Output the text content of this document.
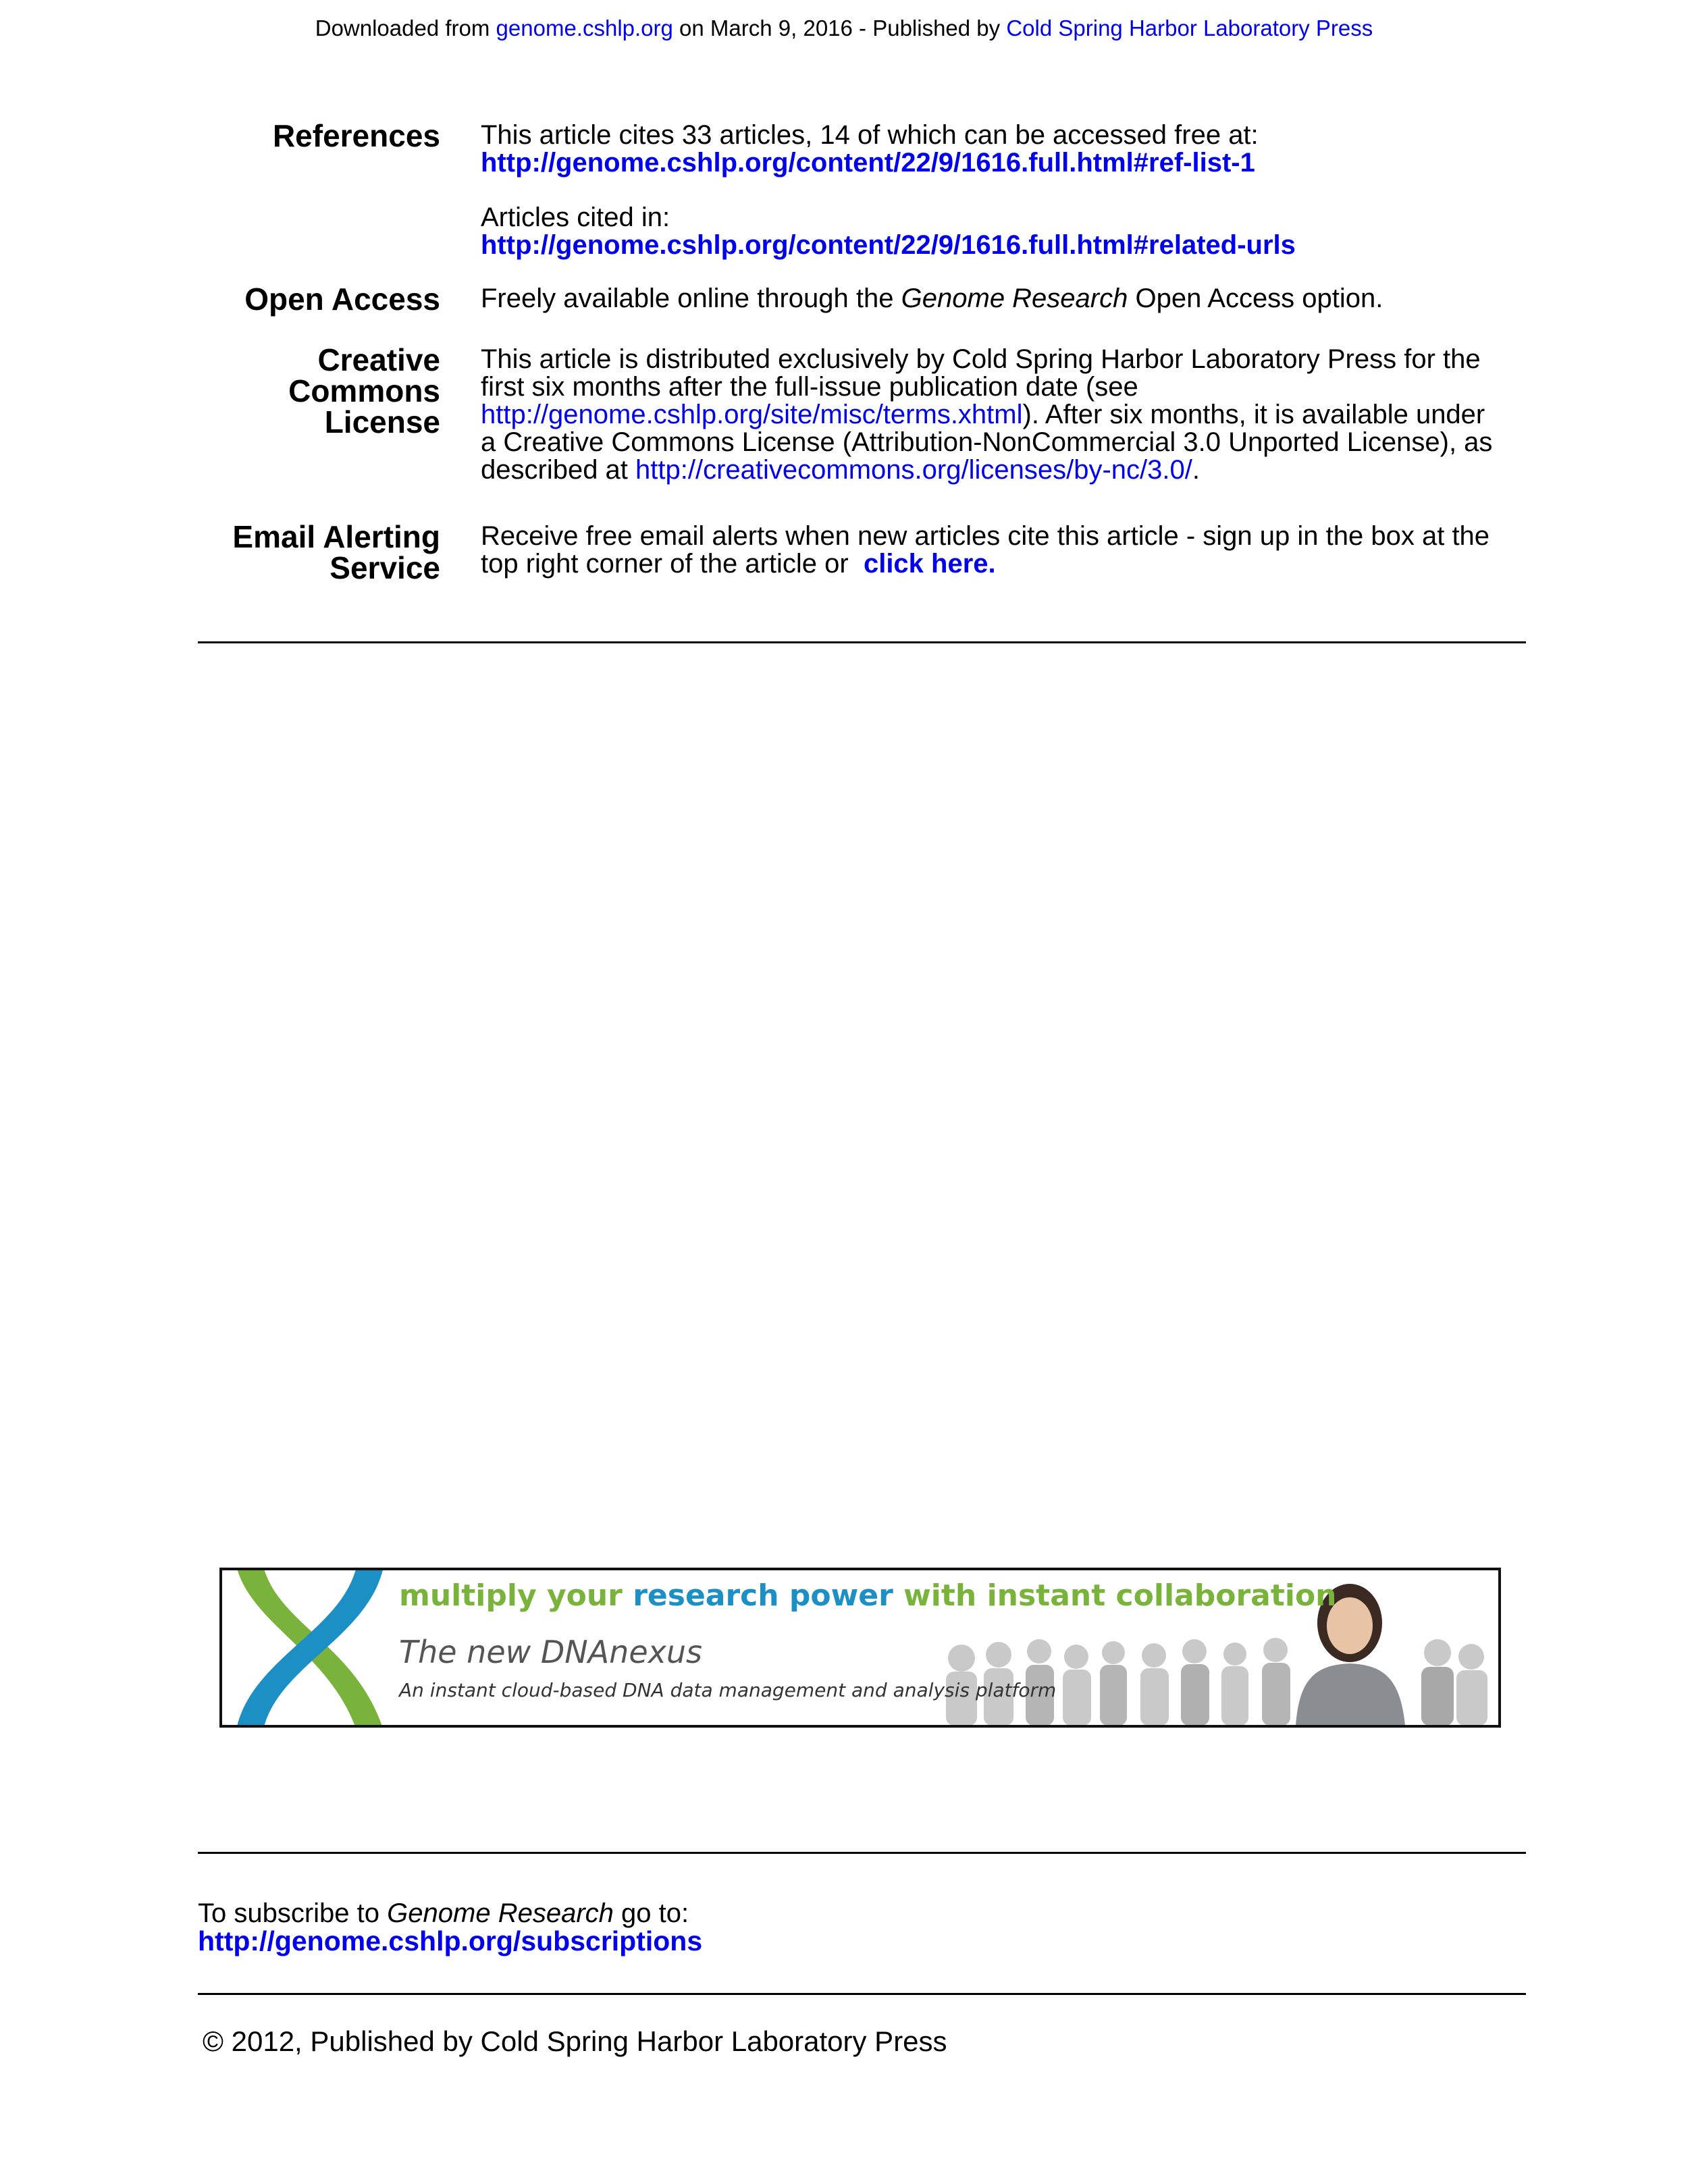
Downloaded from genome.cshlp.org on March 9, 2016 - Published by Cold Spring Harbor Laboratory Press
References This article cites 33 articles, 14 of which can be accessed free at:
http://genome.cshlp.org/content/22/9/1616.full.html#ref-list-1
Articles cited in:
http://genome.cshlp.org/content/22/9/1616.full.html#related-urls
Open Access Freely available online through the Genome Research Open Access option.
Creative
Commons
License
This article is distributed exclusively by Cold Spring Harbor Laboratory Press for the
first six months after the full-issue publication date (see
http://genome.cshlp.org/site/misc/terms.xhtml). After six months, it is available under
a Creative Commons License (Attribution-NonCommercial 3.0 Unported License), as
described at http://creativecommons.org/licenses/by-nc/3.0/.
Email Alerting
Service
Receive free email alerts when new articles cite this article - sign up in the box at the
top right corner of the article or click here.
multiply your research power with instant collaboration
The new DNAnexus
An instant cloud-based DNA data management and analysis platform
To subscribe to Genome Research go to:
http://genome.cshlp.org/subscriptions
© 2012, Published by Cold Spring Harbor Laboratory Press
